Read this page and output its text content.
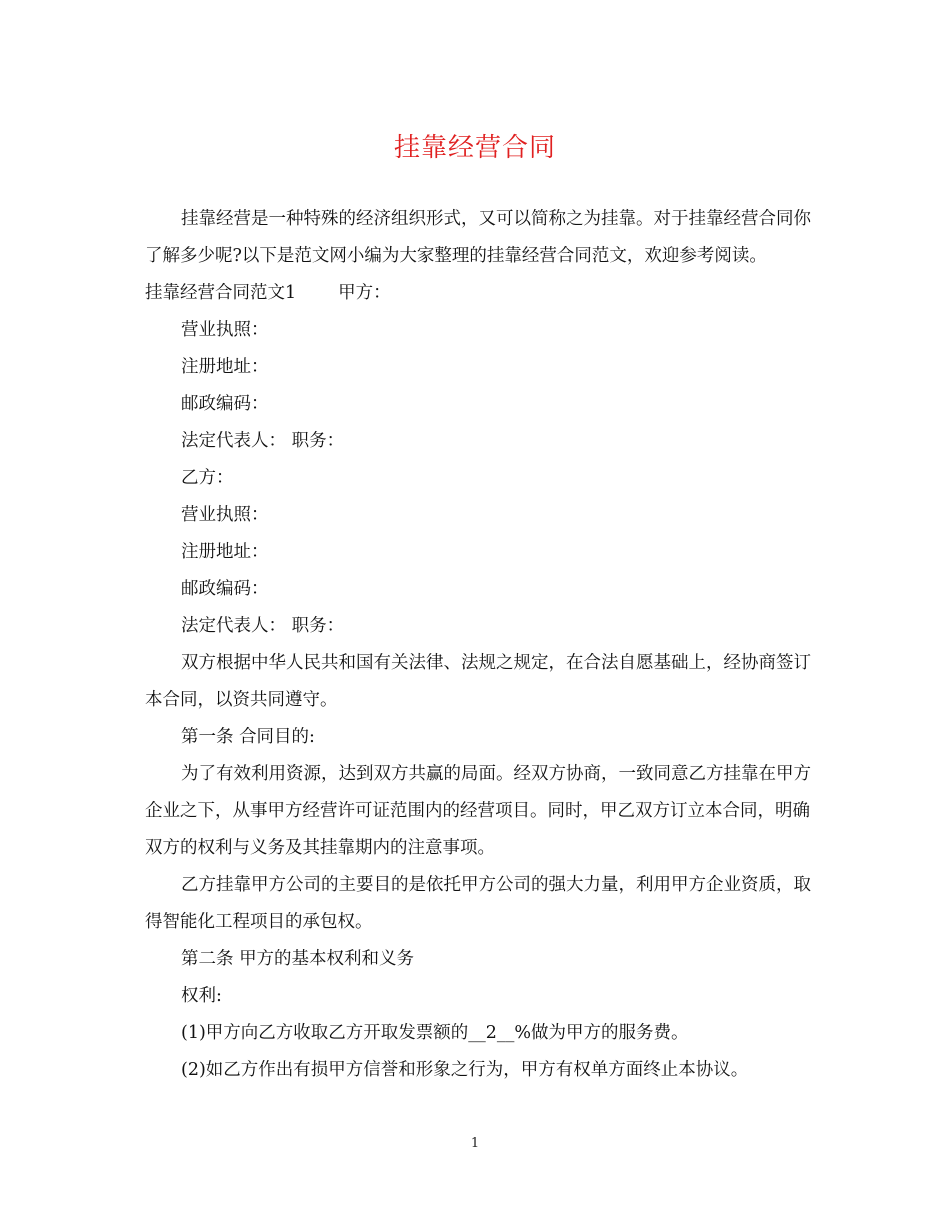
挂靠经营合同

挂靠经营是一种特殊的经济组织形式，又可以简称之为挂靠。对于挂靠经营合同你了解多少呢?以下是范文网小编为大家整理的挂靠经营合同范文，欢迎参考阅读。

挂靠经营合同范文1 甲方：

营业执照：

注册地址：

邮政编码：

法定代表人： 职务：

乙方：

营业执照：

注册地址：

邮政编码：

法定代表人： 职务：

双方根据中华人民共和国有关法律、法规之规定，在合法自愿基础上，经协商签订本合同，以资共同遵守。

第一条 合同目的:

为了有效利用资源，达到双方共赢的局面。经双方协商，一致同意乙方挂靠在甲方企业之下，从事甲方经营许可证范围内的经营项目。同时，甲乙双方订立本合同，明确双方的权利与义务及其挂靠期内的注意事项。

乙方挂靠甲方公司的主要目的是依托甲方公司的强大力量，利用甲方企业资质，取得智能化工程项目的承包权。

第二条 甲方的基本权利和义务

权利:

(1)甲方向乙方收取乙方开取发票额的__2__%做为甲方的服务费。

(2)如乙方作出有损甲方信誉和形象之行为，甲方有权单方面终止本协议。

1
